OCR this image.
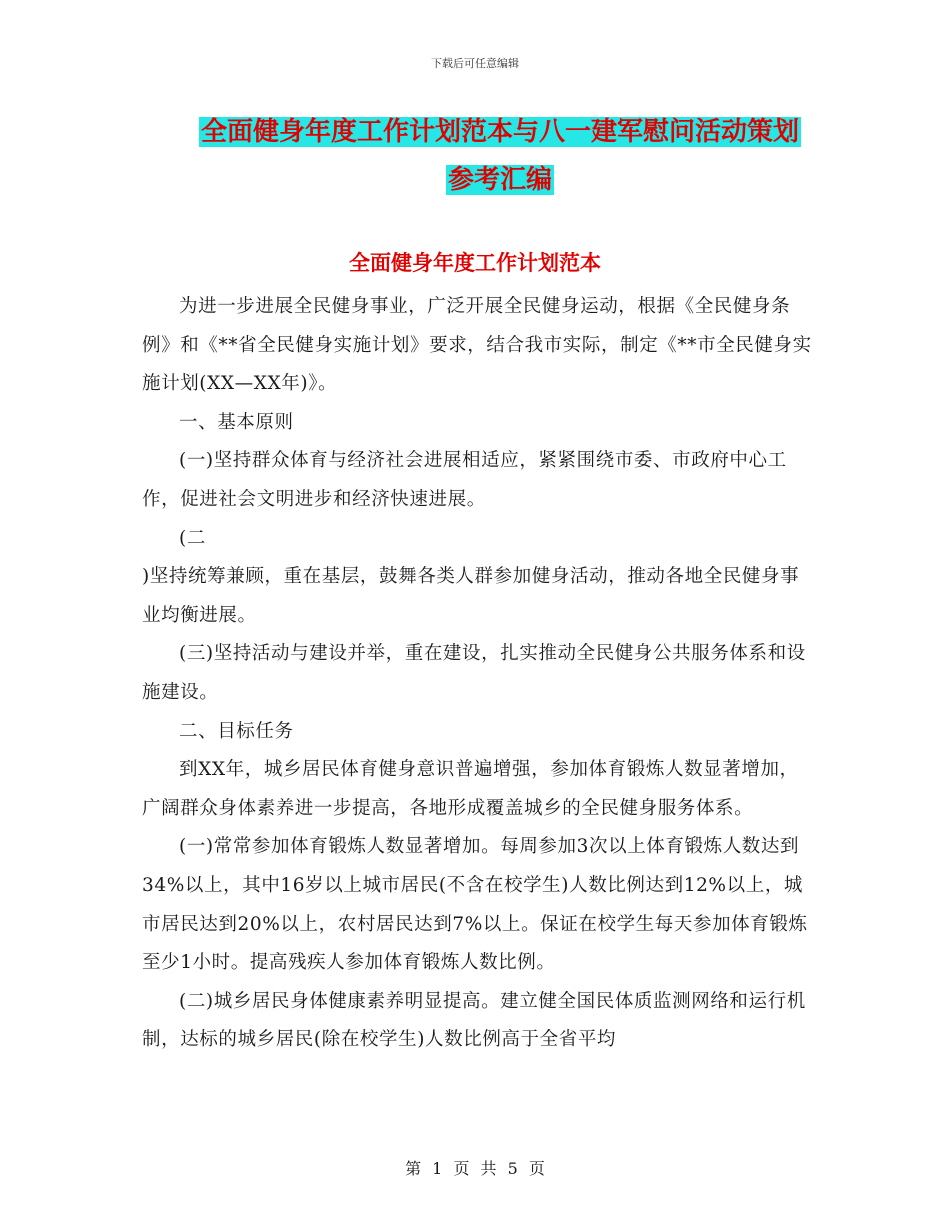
下载后可任意编辑
全面健身年度工作计划范本与八一建军慰问活动策划
参考汇编
全面健身年度工作计划范本

为进一步进展全民健身事业，广泛开展全民健身运动，根据《全民健身条例》和《**省全民健身实施计划》要求，结合我市实际，制定《**市全民健身实施计划(XX—XX年)》。

一、基本原则

(一)坚持群众体育与经济社会进展相适应，紧紧围绕市委、市政府中心工作，促进社会文明进步和经济快速进展。

(二

)坚持统筹兼顾，重在基层，鼓舞各类人群参加健身活动，推动各地全民健身事业均衡进展。

(三)坚持活动与建设并举，重在建设，扎实推动全民健身公共服务体系和设施建设。

二、目标任务

到XX年，城乡居民体育健身意识普遍增强，参加体育锻炼人数显著增加，广阔群众身体素养进一步提高，各地形成覆盖城乡的全民健身服务体系。

(一)常常参加体育锻炼人数显著增加。每周参加3次以上体育锻炼人数达到34%以上，其中16岁以上城市居民(不含在校学生)人数比例达到12%以上，城市居民达到20%以上，农村居民达到7%以上。保证在校学生每天参加体育锻炼至少1小时。提高残疾人参加体育锻炼人数比例。

(二)城乡居民身体健康素养明显提高。建立健全国民体质监测网络和运行机制，达标的城乡居民(除在校学生)人数比例高于全省平均

第 1 页 共 5 页
